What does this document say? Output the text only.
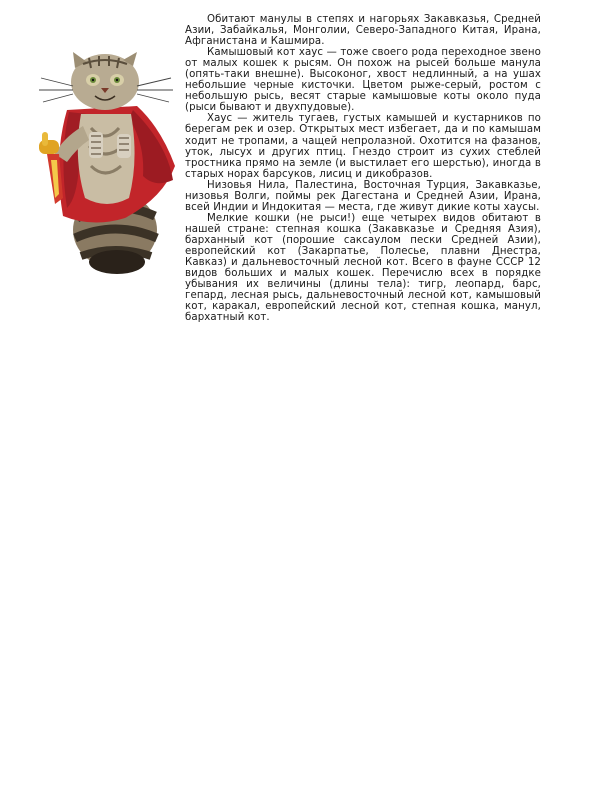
Обитают манулы в степях и нагорьях Закавказья, Средней Азии, Забайкалья, Монголии, Северо-Западного Китая, Ирана, Афганистана и Кашмира.

Камышовый кот хаус — тоже своего рода переходное звено от малых кошек к рысям. Он похож на рысей больше манула (опять-таки внешне). Высоконог, хвост недлинный, а на ушах небольшие черные кисточки. Цветом рыже-серый, ростом с небольшую рысь, весят старые камышовые коты около пуда (рыси бывают и двухпудовые).

Хаус — житель тугаев, густых камышей и кустарников по берегам рек и озер. Открытых мест избегает, да и по камышам ходит не тропами, а чащей непролазной. Охотится на фазанов, уток, лысух и других птиц. Гнездо строит из сухих стеблей тростника прямо на земле (и выстилает его шерстью), иногда в старых норах барсуков, лисиц и дикобразов.

Низовья Нила, Палестина, Восточная Турция, Закавказье, низовья Волги, поймы рек Дагестана и Средней Азии, Ирана, всей Индии и Индокитая — места, где живут дикие коты хаусы.

Мелкие кошки (не рыси!) еще четырех видов обитают в нашей стране: степная кошка (Закавказье и Средняя Азия), барханный кот (порошие саксаулом пески Средней Азии), европейский кот (Закарпатье, Полесье, плавни Днестра, Кавказ) и дальневосточный лесной кот. Всего в фауне СССР 12 видов больших и малых кошек. Перечислю всех в порядке убывания их величины (длины тела): тигр, леопард, барс, гепард, лесная рысь, дальневосточный лесной кот, камышовый кот, каракал, европейский лесной кот, степная кошка, манул, бархатный кот.
